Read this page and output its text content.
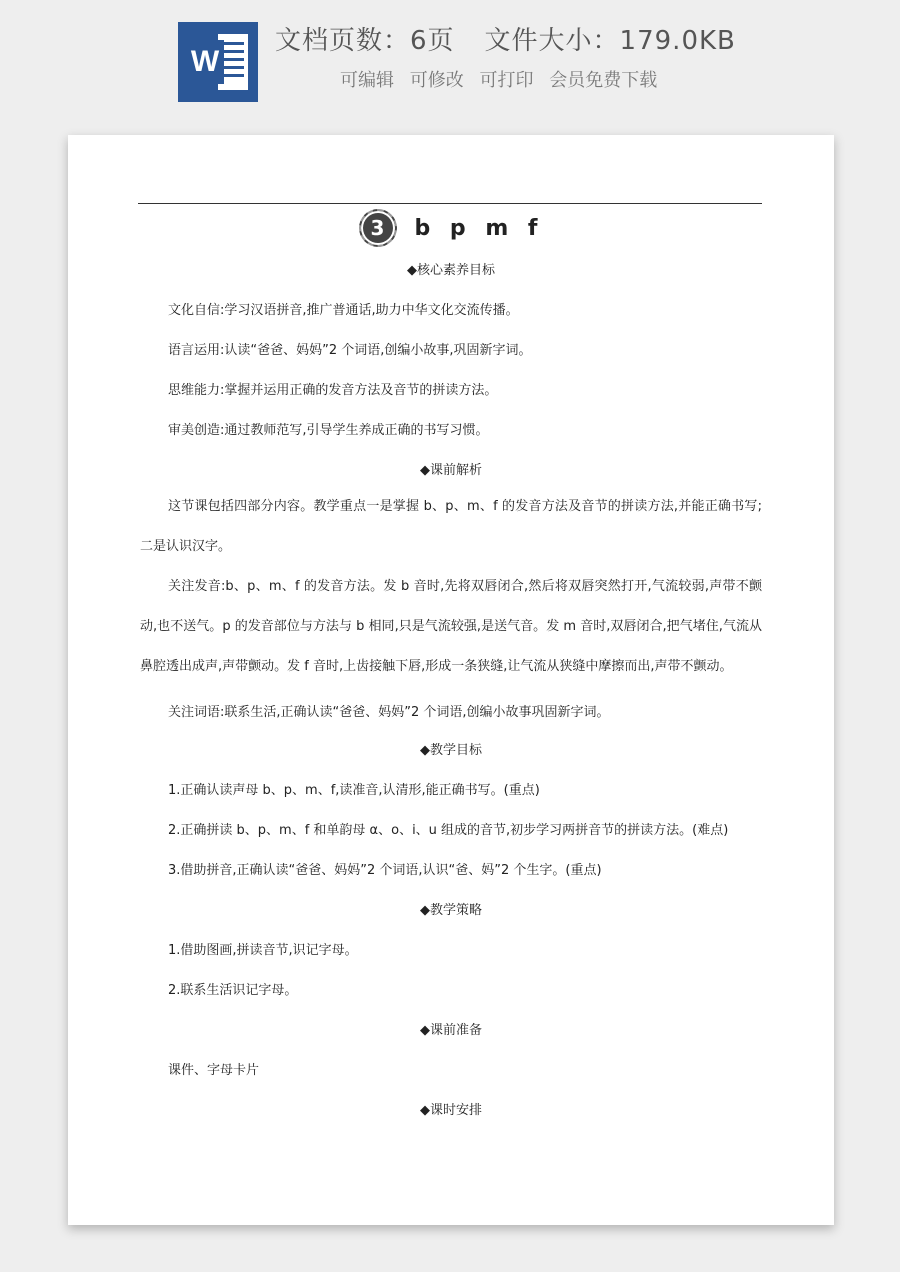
W
文档页数：6页 文件大小：179.0KB
可编辑 可修改 可打印 会员免费下载
3 b p m f
◆核心素养目标
文化自信:学习汉语拼音,推广普通话,助力中华文化交流传播。
语言运用:认读“爸爸、妈妈”2 个词语,创编小故事,巩固新字词。
思维能力:掌握并运用正确的发音方法及音节的拼读方法。
审美创造:通过教师范写,引导学生养成正确的书写习惯。
◆课前解析
这节课包括四部分内容。教学重点一是掌握 b、p、m、f 的发音方法及音节的拼读方法,并能正确书写;二是认识汉字。
关注发音:b、p、m、f 的发音方法。发 b 音时,先将双唇闭合,然后将双唇突然打开,气流较弱,声带不颤动,也不送气。p 的发音部位与方法与 b 相同,只是气流较强,是送气音。发 m 音时,双唇闭合,把气堵住,气流从鼻腔透出成声,声带颤动。发 f 音时,上齿接触下唇,形成一条狭缝,让气流从狭缝中摩擦而出,声带不颤动。
关注词语:联系生活,正确认读“爸爸、妈妈”2 个词语,创编小故事巩固新字词。
◆教学目标
1.正确认读声母 b、p、m、f,读准音,认清形,能正确书写。(重点)
2.正确拼读 b、p、m、f 和单韵母 α、o、i、u 组成的音节,初步学习两拼音节的拼读方法。(难点)
3.借助拼音,正确认读“爸爸、妈妈”2 个词语,认识“爸、妈”2 个生字。(重点)
◆教学策略
1.借助图画,拼读音节,识记字母。
2.联系生活识记字母。
◆课前准备
课件、字母卡片
◆课时安排
